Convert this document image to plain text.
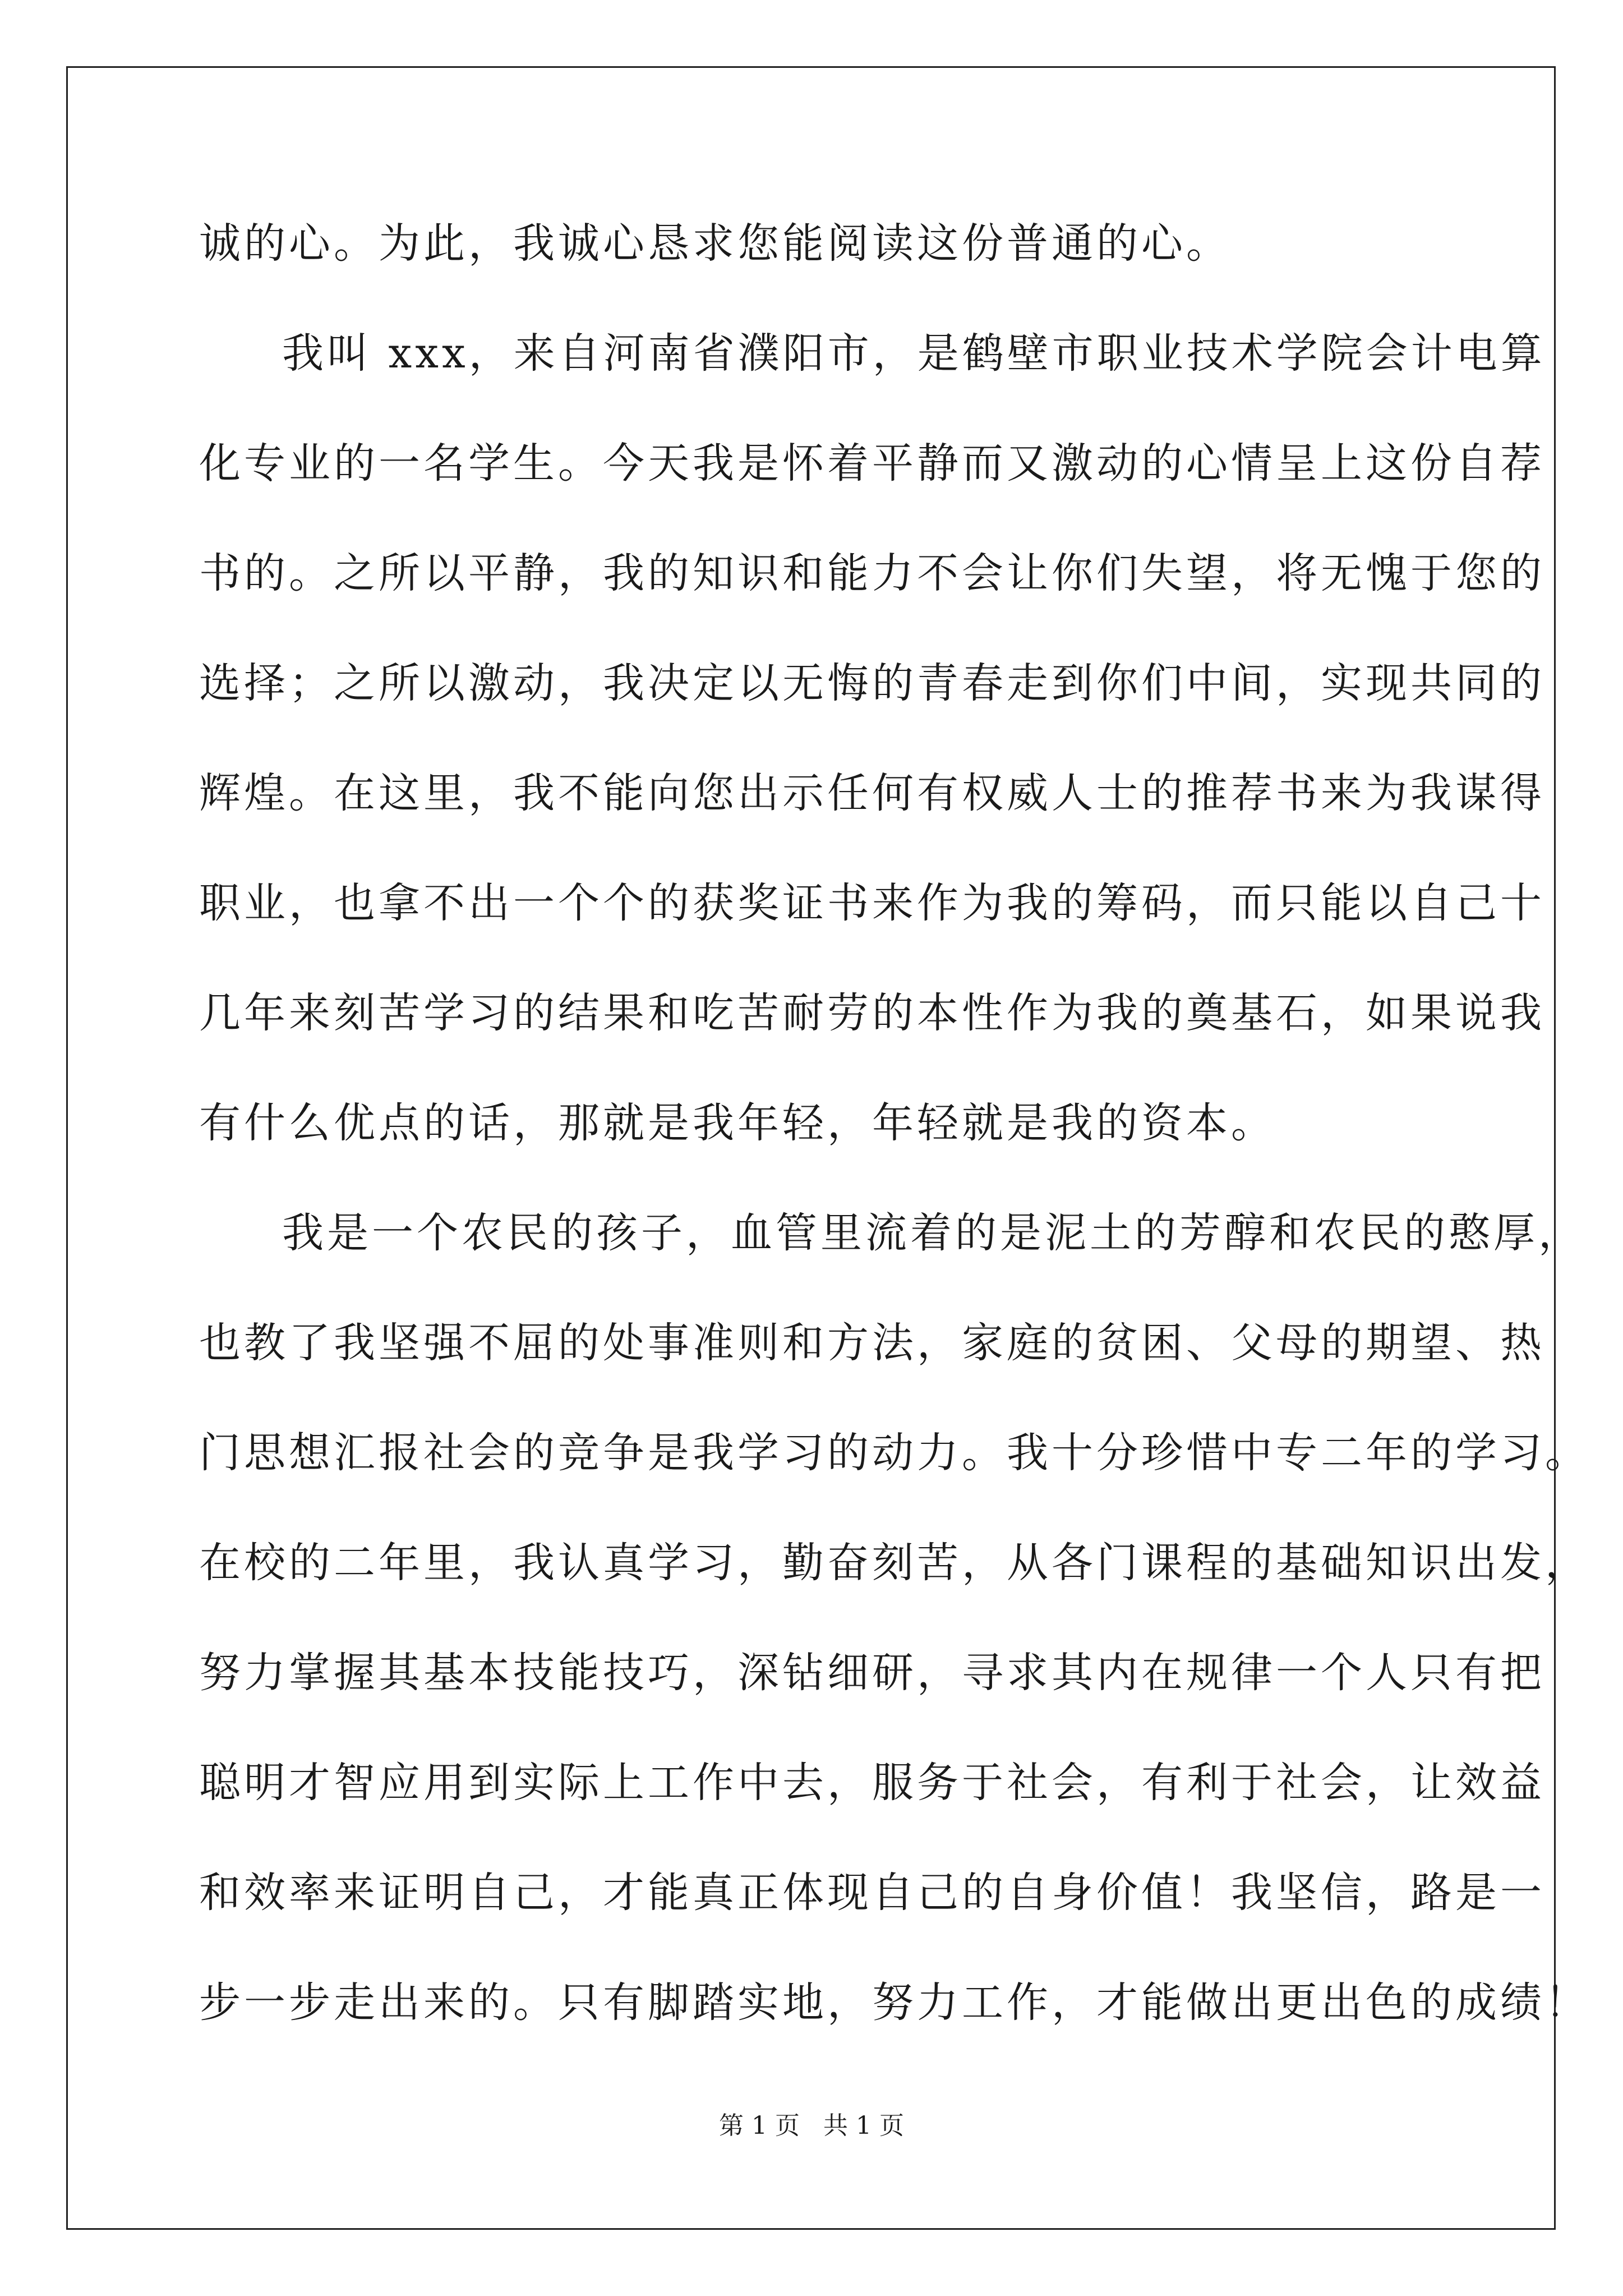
诚的心。为此，我诚心恳求您能阅读这份普通的心。
我叫 xxx，来自河南省濮阳市，是鹤壁市职业技术学院会计电算
化专业的一名学生。今天我是怀着平静而又激动的心情呈上这份自荐
书的。之所以平静，我的知识和能力不会让你们失望，将无愧于您的
选择；之所以激动，我决定以无悔的青春走到你们中间，实现共同的
辉煌。在这里，我不能向您出示任何有权威人士的推荐书来为我谋得
职业，也拿不出一个个的获奖证书来作为我的筹码，而只能以自己十
几年来刻苦学习的结果和吃苦耐劳的本性作为我的奠基石，如果说我
有什么优点的话，那就是我年轻，年轻就是我的资本。
我是一个农民的孩子，血管里流着的是泥土的芳醇和农民的憨厚，
也教了我坚强不屈的处事准则和方法，家庭的贫困、父母的期望、热
门思想汇报社会的竞争是我学习的动力。我十分珍惜中专二年的学习。
在校的二年里，我认真学习，勤奋刻苦，从各门课程的基础知识出发，
努力掌握其基本技能技巧，深钻细研，寻求其内在规律一个人只有把
聪明才智应用到实际上工作中去，服务于社会，有利于社会，让效益
和效率来证明自己，才能真正体现自己的自身价值！我坚信，路是一
步一步走出来的。只有脚踏实地，努力工作，才能做出更出色的成绩！
第 1 页   共 1 页
